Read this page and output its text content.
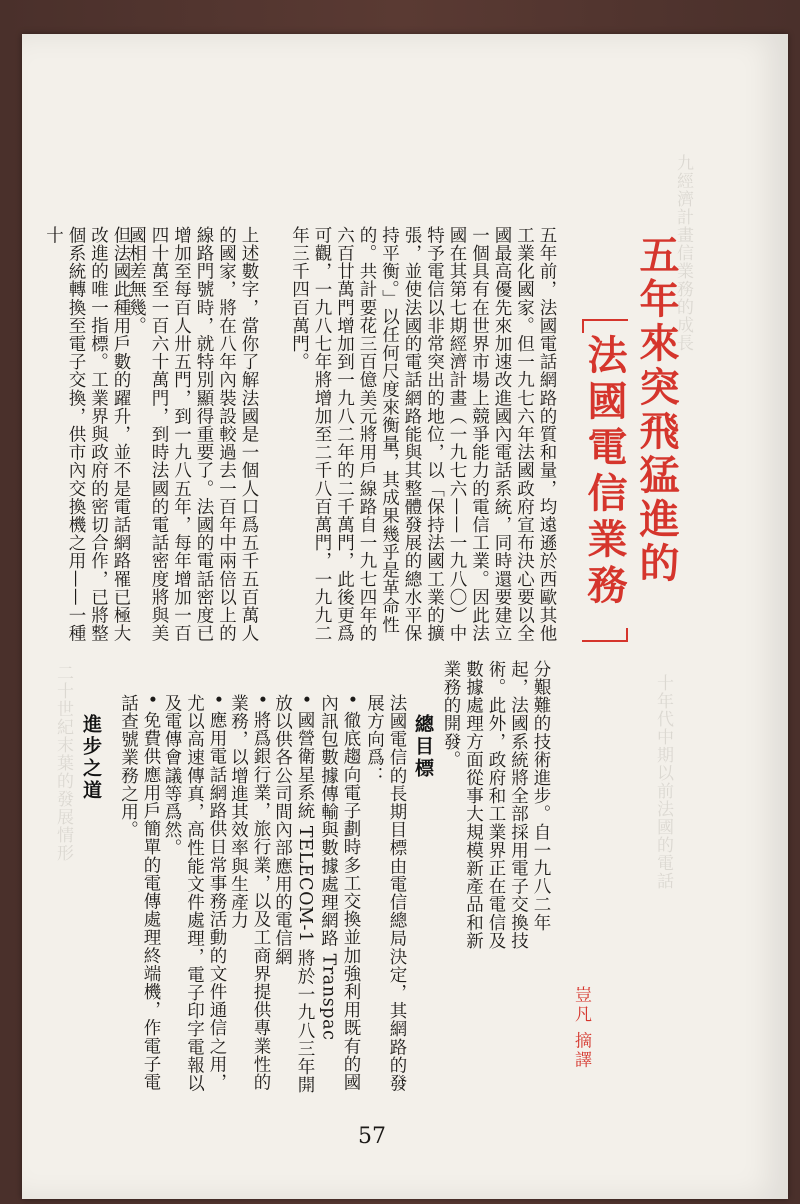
九經濟計畫信業務的成長
十年代中期以前法國的電話
二十世紀末葉的發展情形
五年來突飛猛進的
法國電信業務
五年前，法國電話網路的質和量，均遠遜於西歐其他工業化國家。但一九七六年法國政府宣布決心要以全國最高優先來加速改進國內電話系統，同時還要建立一個具有在世界市場上競爭能力的電信工業。因此法國在其第七期經濟計畫（一九七六——一九八〇）中特予電信以非常突出的地位，以「保持法國工業的擴張，並使法國的電話網路能與其整體發展的總水平保持平衡。」以任何尺度來衡量，其成果幾乎是革命性的。共計要花三百億美元將用戶線路自一九七四年的六百廿萬門增加到一九八二年的二千萬門，此後更爲可觀，一九八七年將增加至二千八百萬門，一九九二年三千四百萬門。
上述數字，當你了解法國是一個人口爲五千五百萬人的國家，將在八年內裝設較過去一百年中兩倍以上的線路門號時，就特別顯得重要了。法國的電話密度已增加至每百人卅五門，到一九八五年，每年增加一百四十萬至一百六十萬門，到時法國的電話密度將與美國相差無幾。
但法國此種用戶數的躍升，並不是電話網路罹已極大改進的唯一指標。工業界與政府的密切合作，已將整個系統轉換至電子交換，供市內交換機之用——一種十
分艱難的技術進步。自一九八二年起，法國系統將全部採用電子交換技術。此外，政府和工業界正在電信及數據處理方面從事大規模新產品和新業務的開發。
總目標
法國電信的長期目標由電信總局決定，其網路的發展方向爲：
• 徹底趨向電子劃時多工交換並加強利用既有的國內訊包數據傳輸與數據處理網路 Transpac
• 國營衛星系統 TELECOM-1 將於一九八三年開放以供各公司間內部應用的電信網
• 將爲銀行業，旅行業，以及工商界提供專業性的業務，以增進其效率與生產力
• 應用電話網路供日常事務活動的文件通信之用，尤以高速傳真，高性能文件處理，電子印字電報以及電傳會議等爲然。
• 免費供應用戶簡單的電傳處理終端機，作電子電話查號業務之用。
進步之道
豈凡 摘譯
57
